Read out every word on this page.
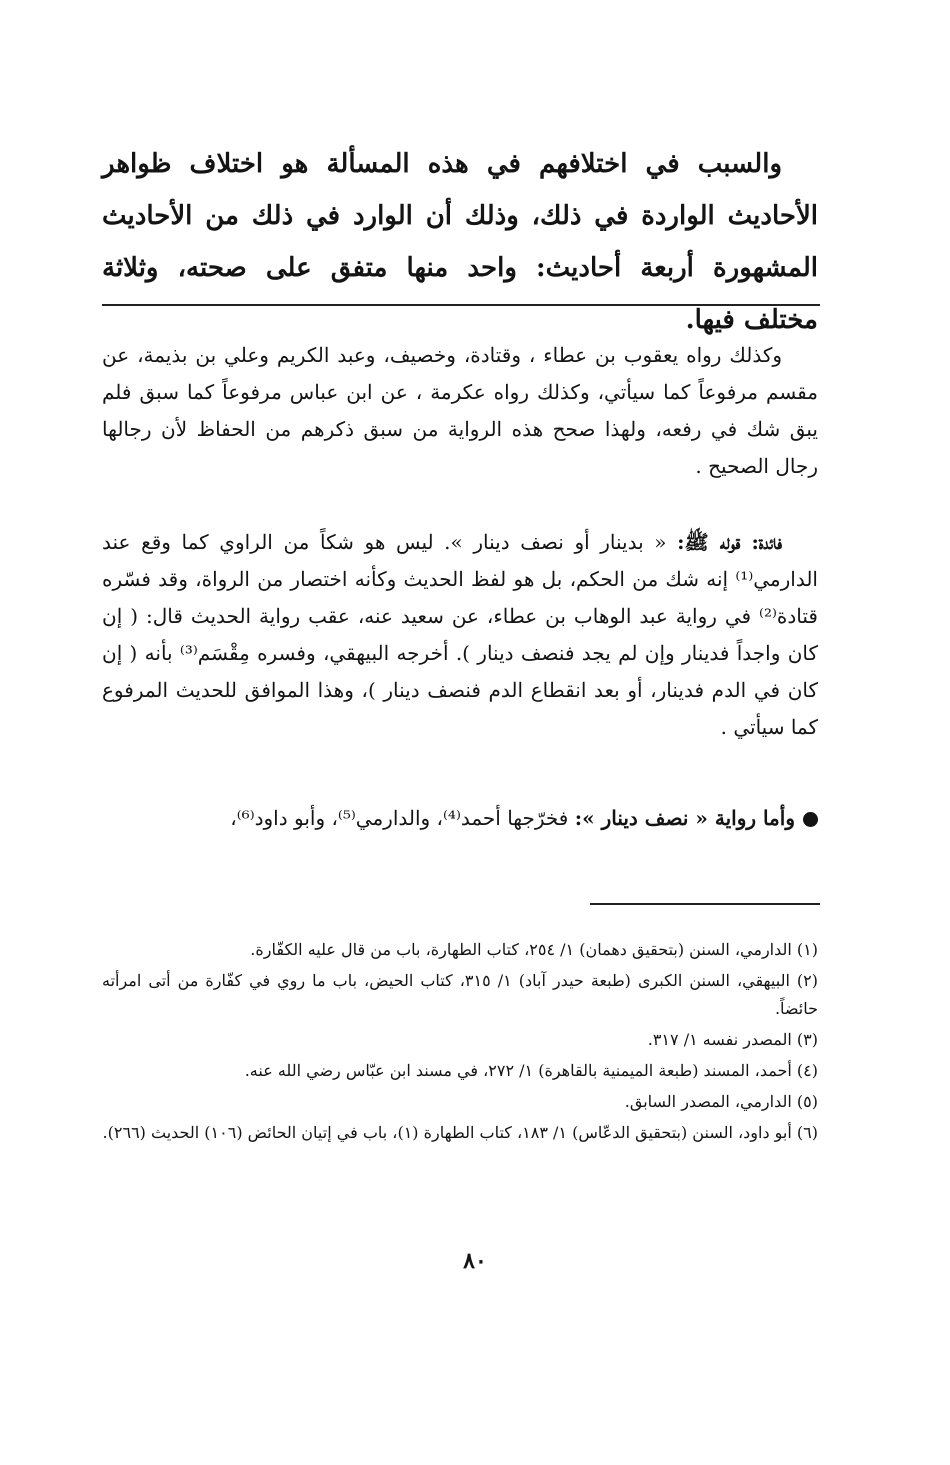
والسبب في اختلافهم في هذه المسألة هو اختلاف ظواهر الأحاديث الواردة في ذلك، وذلك أن الوارد في ذلك من الأحاديث المشهورة أربعة أحاديث: واحد منها متفق على صحته، وثلاثة مختلف فيها.

وكذلك رواه يعقوب بن عطاء ، وقتادة، وخصيف، وعبد الكريم وعلي بن بذيمة، عن مقسم مرفوعاً كما سيأتي، وكذلك رواه عكرمة ، عن ابن عباس مرفوعاً كما سبق فلم يبق شك في رفعه، ولهذا صحح هذه الرواية من سبق ذكرهم من الحفاظ لأن رجالها رجال الصحيح .

فائدة: قوله ﷺ: « بدينار أو نصف دينار ». ليس هو شكاً من الراوي كما وقع عند الدارمي⁽¹⁾ إنه شك من الحكم، بل هو لفظ الحديث وكأنه اختصار من الرواة، وقد فسّره قتادة⁽²⁾ في رواية عبد الوهاب بن عطاء، عن سعيد عنه، عقب رواية الحديث قال: ( إن كان واجداً فدينار وإن لم يجد فنصف دينار ). أخرجه البيهقي، وفسره مِقْسَم⁽³⁾ بأنه ( إن كان في الدم فدينار، أو بعد انقطاع الدم فنصف دينار )، وهذا الموافق للحديث المرفوع كما سيأتي .

وأما رواية « نصف دينار »: فخرّجها أحمد⁽⁴⁾، والدارمي⁽⁵⁾، وأبو داود⁽⁶⁾،

(١) الدارمي، السنن (بتحقيق دهمان) ١/ ٢٥٤، كتاب الطهارة، باب من قال عليه الكفّارة.
(٢) البيهقي، السنن الكبرى (طبعة حيدر آباد) ١/ ٣١٥، كتاب الحيض، باب ما روي في كفّارة من أتى امرأته حائضاً.
(٣) المصدر نفسه ١/ ٣١٧.
(٤) أحمد، المسند (طبعة الميمنية بالقاهرة) ١/ ٢٧٢، في مسند ابن عبّاس رضي الله عنه.
(٥) الدارمي، المصدر السابق.
(٦) أبو داود، السنن (بتحقيق الدعّاس) ١/ ١٨٣، كتاب الطهارة (١)، باب في إتيان الحائض (١٠٦) الحديث (٢٦٦).
٨٠
